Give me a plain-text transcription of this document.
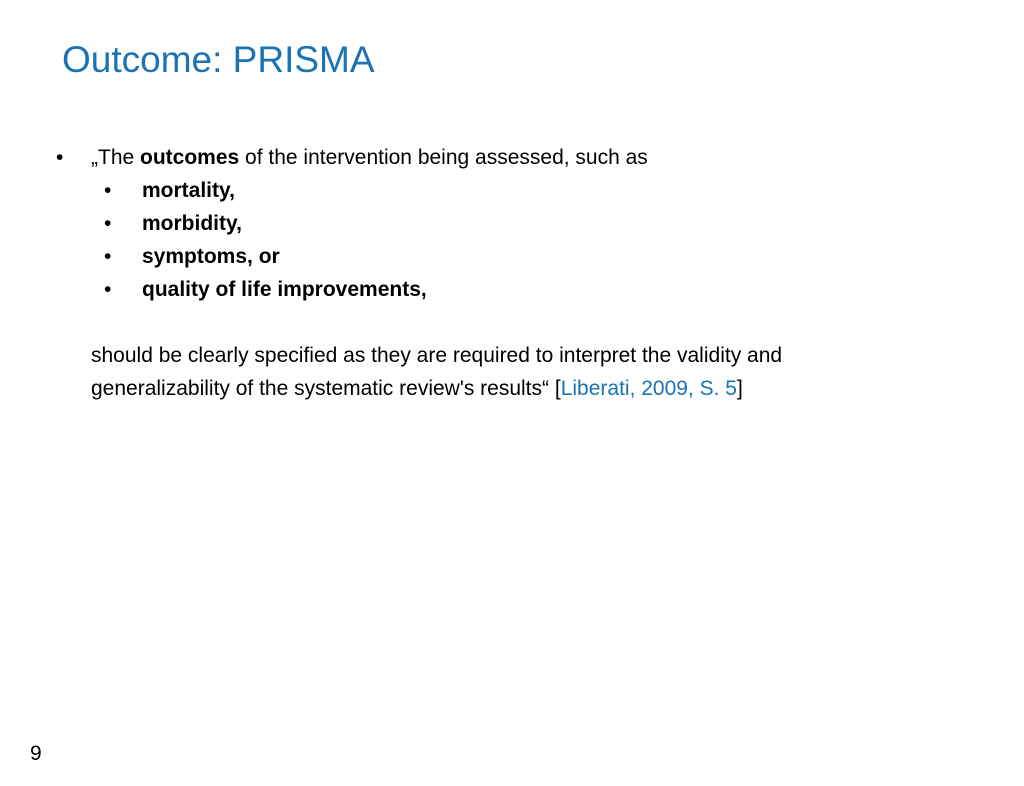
Outcome: PRISMA
• „The outcomes of the intervention being assessed, such as
• mortality,
• morbidity,
• symptoms, or
• quality of life improvements,
should be clearly specified as they are required to interpret the validity and
generalizability of the systematic review's results“ [Liberati, 2009, S. 5]
9
